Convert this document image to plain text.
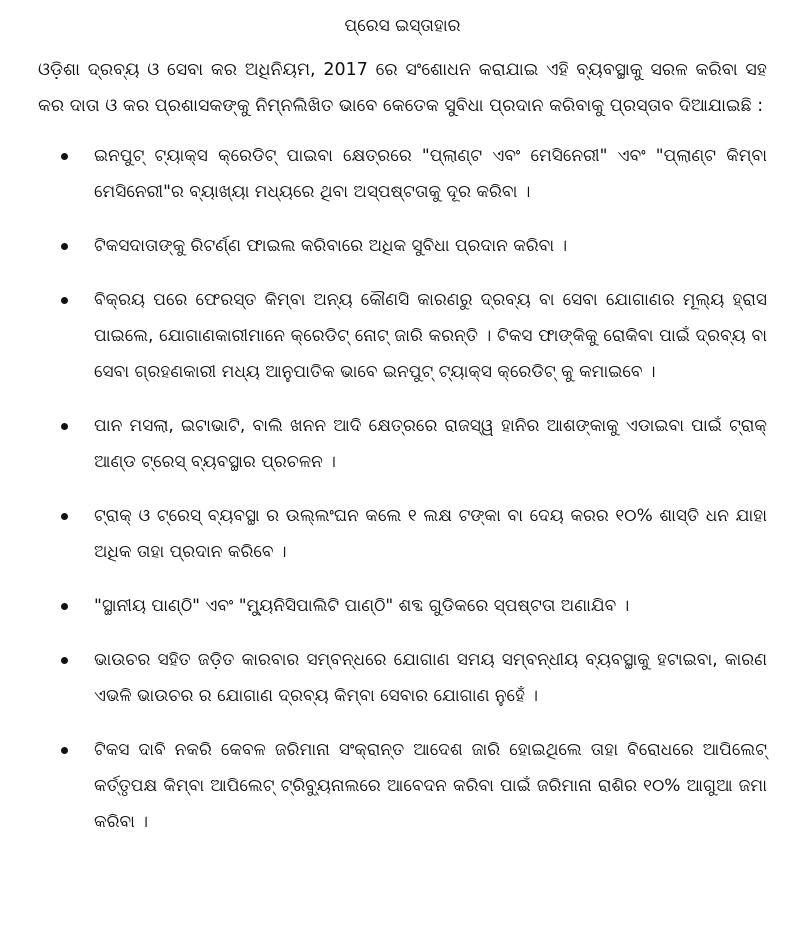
ପ୍ରେସ ଇସ୍ତାହାର

ଓଡ଼ିଶା ଦ୍ରବ୍ୟ ଓ ସେବା କର ଅଧିନିୟମ, 2017 ରେ ସଂଶୋଧନ କରାଯାଇ ଏହି ବ୍ୟବସ୍ଥାକୁ ସରଳ କରିବା ସହ କର ଦାତା ଓ କର ପ୍ରଶାସକଙ୍କୁ ନିମ୍ନଲିଖିତ ଭାବେ କେତେକ ସୁବିଧା ପ୍ରଦାନ କରିବାକୁ ପ୍ରସ୍ତାବ ଦିଆଯାଇଛି :

ଇନପୁଟ୍ ଟ୍ୟାକ୍ସ କ୍ରେଡିଟ୍ ପାଇବା କ୍ଷେତ୍ରରେ "ପ୍ଲାଣ୍ଟ ଏବଂ ମେସିନେରୀ" ଏବଂ "ପ୍ଲାଣ୍ଟ କିମ୍ବା ମେସିନେରୀ"ର ବ୍ୟାଖ୍ୟା ମଧ୍ୟରେ ଥିବା ଅସ୍ପଷ୍ଟତାକୁ ଦୂର କରିବା ।
ଟିକସଦାତାଙ୍କୁ ରିଟର୍ଣ୍ଣ ଫାଇଲ କରିବାରେ ଅଧିକ ସୁବିଧା ପ୍ରଦାନ କରିବା ।
ବିକ୍ରୟ ପରେ ଫେରସ୍ତ କିମ୍ବା ଅନ୍ୟ କୌଣସି କାରଣରୁ ଦ୍ରବ୍ୟ ବା ସେବା ଯୋଗାଣର ମୂଲ୍ୟ ହ୍ରାସ ପାଇଲେ, ଯୋଗାଣକାରୀମାନେ କ୍ରେଡିଟ୍ ନୋଟ୍ ଜାରି କରନ୍ତି । ଟିକସ ଫାଙ୍କିକୁ ରୋକିବା ପାଇଁ ଦ୍ରବ୍ୟ ବା ସେବା ଗ୍ରହଣକାରୀ ମଧ୍ୟ ଆନୁପାତିକ ଭାବେ ଇନପୁଟ୍ ଟ୍ୟାକ୍ସ କ୍ରେଡିଟ୍ କୁ କମାଇବେ ।
ପାନ ମସଲା, ଇଟାଭାଟି, ବାଲି ଖନନ ଆଦି କ୍ଷେତ୍ରରେ ରାଜସ୍ୱ ହାନିର ଆଶଙ୍କାକୁ ଏଡାଇବା ପାଇଁ ଟ୍ରାକ୍ ଆଣ୍ଡ ଟ୍ରେସ୍ ବ୍ୟବସ୍ଥାର ପ୍ରଚଳନ ।
ଟ୍ରାକ୍ ଓ ଟ୍ରେସ୍ ବ୍ୟବସ୍ଥା ର ଉଲ୍ଲଂଘନ କଲେ ୧ ଲକ୍ଷ ଟଙ୍କା ବା ଦେୟ କରର ୧୦% ଶାସ୍ତି ଧନ ଯାହା ଅଧିକ ତାହା ପ୍ରଦାନ କରିବେ ।
"ସ୍ଥାନୀୟ ପାଣ୍ଠି" ଏବଂ "ମ୍ୟୁନିସିପାଲିଟି ପାଣ୍ଠି" ଶବ୍ଦ ଗୁଡିକରେ ସ୍ପଷ୍ଟତା ଅଣାଯିବ ।
ଭାଉଚର ସହିତ ଜଡ଼ିତ କାରବାର ସମ୍ବନ୍ଧରେ ଯୋଗାଣ ସମୟ ସମ୍ବନ୍ଧୀୟ ବ୍ୟବସ୍ଥାକୁ ହଟାଇବା, କାରଣ ଏଭଳି ଭାଉଚର ର ଯୋଗାଣ ଦ୍ରବ୍ୟ କିମ୍ବା ସେବାର ଯୋଗାଣ ନୁହେଁ ।
ଟିକସ ଦାବି ନକରି କେବଳ ଜରିମାନା ସଂକ୍ରାନ୍ତ ଆଦେଶ ଜାରି ହୋଇଥିଲେ ତାହା ବିରୋଧରେ ଆପିଲେଟ୍ କର୍ତ୍ତୃପକ୍ଷ କିମ୍ବା ଆପିଲେଟ୍ ଟ୍ରିବ୍ୟୁନାଲରେ ଆବେଦନ କରିବା ପାଇଁ ଜରିମାନା ରାଶିର ୧୦% ଆଗୁଆ ଜମା କରିବା ।
